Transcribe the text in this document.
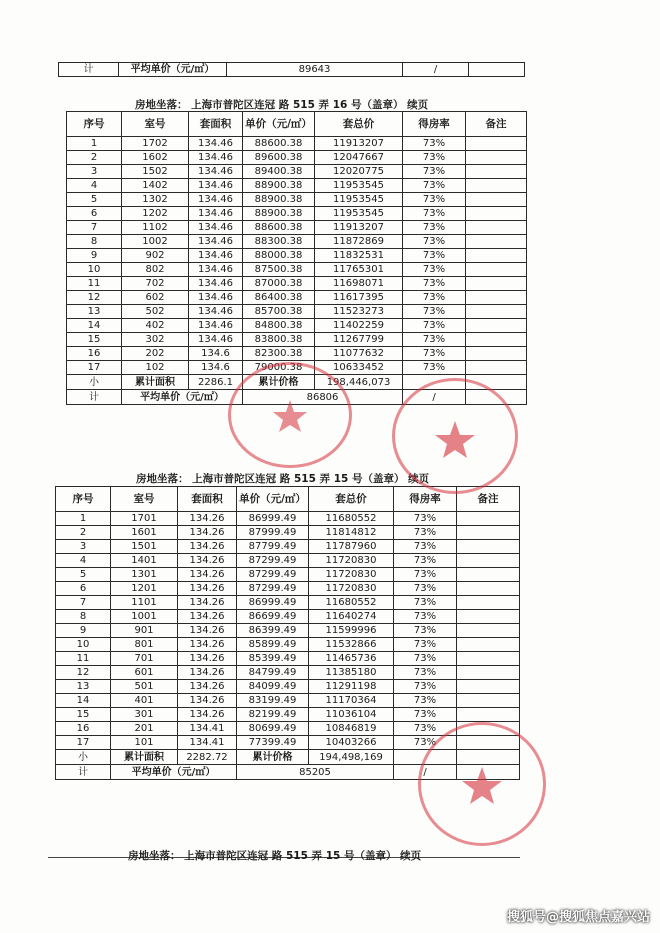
计	平均单价（元/㎡）	89643	/	
房地坐落： 上海市普陀区连冠 路 515 弄 16 号（盖章） 续页
序号	室号	套面积	单价（元/㎡）	套总价	得房率	备注
1	1702	134.46	88600.38	11913207	73%	
2	1602	134.46	89600.38	12047667	73%	
3	1502	134.46	89400.38	12020775	73%	
4	1402	134.46	88900.38	11953545	73%	
5	1302	134.46	88900.38	11953545	73%	
6	1202	134.46	88900.38	11953545	73%	
7	1102	134.46	88600.38	11913207	73%	
8	1002	134.46	88300.38	11872869	73%	
9	902	134.46	88000.38	11832531	73%	
10	802	134.46	87500.38	11765301	73%	
11	702	134.46	87000.38	11698071	73%	
12	602	134.46	86400.38	11617395	73%	
13	502	134.46	85700.38	11523273	73%	
14	402	134.46	84800.38	11402259	73%	
15	302	134.46	83800.38	11267799	73%	
16	202	134.6	82300.38	11077632	73%	
17	102	134.6	79000.38	10633452	73%	
小	累计面积	2286.1	累计价格	198,446,073		
计	平均单价（元/㎡）		86806		/	
房地坐落： 上海市普陀区连冠 路 515 弄 15 号（盖章） 续页
序号	室号	套面积	单价（元/㎡）	套总价	得房率	备注
1	1701	134.26	86999.49	11680552	73%	
2	1601	134.26	87999.49	11814812	73%	
3	1501	134.26	87799.49	11787960	73%	
4	1401	134.26	87299.49	11720830	73%	
5	1301	134.26	87299.49	11720830	73%	
6	1201	134.26	87299.49	11720830	73%	
7	1101	134.26	86999.49	11680552	73%	
8	1001	134.26	86699.49	11640274	73%	
9	901	134.26	86399.49	11599996	73%	
10	801	134.26	85899.49	11532866	73%	
11	701	134.26	85399.49	11465736	73%	
12	601	134.26	84799.49	11385180	73%	
13	501	134.26	84099.49	11291198	73%	
14	401	134.26	83199.49	11170364	73%	
15	301	134.26	82199.49	11036104	73%	
16	201	134.41	80699.49	10846819	73%	
17	101	134.41	77399.49	10403266	73%	
小	累计面积	2282.72	累计价格	194,498,169		
计	平均单价（元/㎡）		85205		/	
房地坐落： 上海市普陀区连冠 路 515 弄 15 号（盖章） 续页
搜狐号@搜狐焦点嘉兴站
